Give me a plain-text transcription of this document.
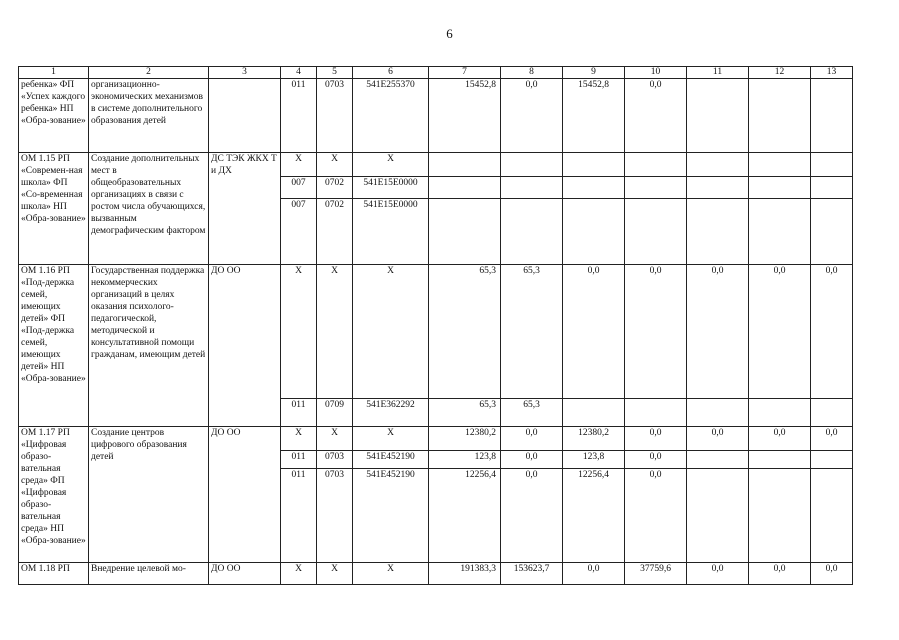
6
1	2	3	4	5	6	7	8	9	10	11	12	13
ребенка» ФП «Успех каждого ребенка» НП «Обра-зование»	организационно-экономических механизмов в системе дополнительного образования детей		011	0703	541E255370	15452,8	0,0	15452,8	0,0			
ОМ 1.15 РП «Современ-ная школа» ФП «Со-временная школа» НП «Обра-зование»	Создание дополнительных мест в общеобразовательных организациях в связи с ростом числа обучающихся, вызванным демографическим фактором	ДС ТЭК ЖКХ Т и ДХ	Х	Х	Х							
			007	0702	541E15E0000							
			007	0702	541E15E0000							
ОМ 1.16 РП «Под-держка семей, имеющих детей» ФП «Под-держка семей, имеющих детей» НП «Обра-зование»	Государственная поддержка некоммерческих организаций в целях оказания психолого-педагогической, методической и консультативной помощи гражданам, имеющим детей	ДО ОО	Х	Х	Х	65,3	65,3	0,0	0,0	0,0	0,0	0,0
			011	0709	541E362292	65,3	65,3					
ОМ 1.17 РП «Цифровая образо-вательная среда» ФП «Цифровая образо-вательная среда» НП «Обра-зование»	Создание центров цифрового образования детей	ДО ОО	Х	Х	Х	12380,2	0,0	12380,2	0,0	0,0	0,0	0,0
			011	0703	541E452190	123,8	0,0	123,8	0,0			
			011	0703	541E452190	12256,4	0,0	12256,4	0,0			
ОМ 1.18 РП	Внедрение целевой мо-	ДО ОО	Х	Х	Х	191383,3	153623,7	0,0	37759,6	0,0	0,0	0,0
